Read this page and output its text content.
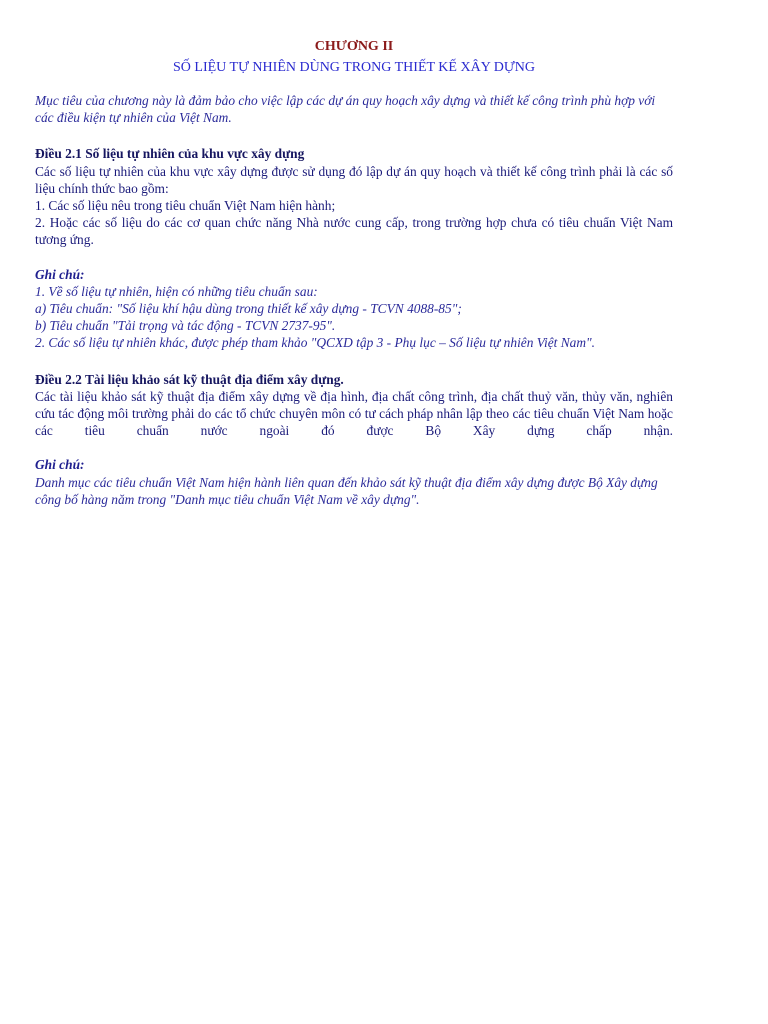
CHƯƠNG II
SỐ LIỆU TỰ NHIÊN DÙNG TRONG THIẾT KẾ XÂY DỰNG
Mục tiêu của chương này là đảm bảo cho việc lập các dự án quy hoạch xây dựng và thiết kế công trình phù hợp với các điều kiện tự nhiên của Việt Nam.
Điều 2.1 Số liệu tự nhiên của khu vực xây dựng
Các số liệu tự nhiên của khu vực xây dựng được sử dụng đó lập dự án quy hoạch và thiết kế công trình phải là các số liệu chính thức bao gồm:
1. Các số liệu nêu trong tiêu chuẩn Việt Nam hiện hành;
2. Hoặc các số liệu do các cơ quan chức năng Nhà nước cung cấp, trong trường hợp chưa có tiêu chuẩn Việt Nam tương ứng.
Ghi chú:
1. Về số liệu tự nhiên, hiện có những tiêu chuẩn sau:
a) Tiêu chuẩn: "Số liệu khí hậu dùng trong thiết kế xây dựng - TCVN 4088-85";
b) Tiêu chuẩn "Tải trọng và tác động - TCVN 2737-95".
2. Các số liệu tự nhiên khác, được phép tham khảo "QCXD tập 3 - Phụ lục – Số liệu tự nhiên Việt Nam".
Điều 2.2 Tài liệu khảo sát kỹ thuật địa điểm xây dựng.
Các tài liệu khảo sát kỹ thuật địa điểm xây dựng về địa hình, địa chất công trình, địa chất thuỷ văn, thủy văn, nghiên cứu tác động môi trường phải do các tổ chức chuyên môn có tư cách pháp nhân lập theo các tiêu chuẩn Việt Nam hoặc các tiêu chuẩn nước ngoài đó được Bộ Xây dựng chấp nhận.
Ghi chú:
Danh mục các tiêu chuẩn Việt Nam hiện hành liên quan đến khảo sát kỹ thuật địa điểm xây dựng được Bộ Xây dựng công bố hàng năm trong "Danh mục tiêu chuẩn Việt Nam về xây dựng".
